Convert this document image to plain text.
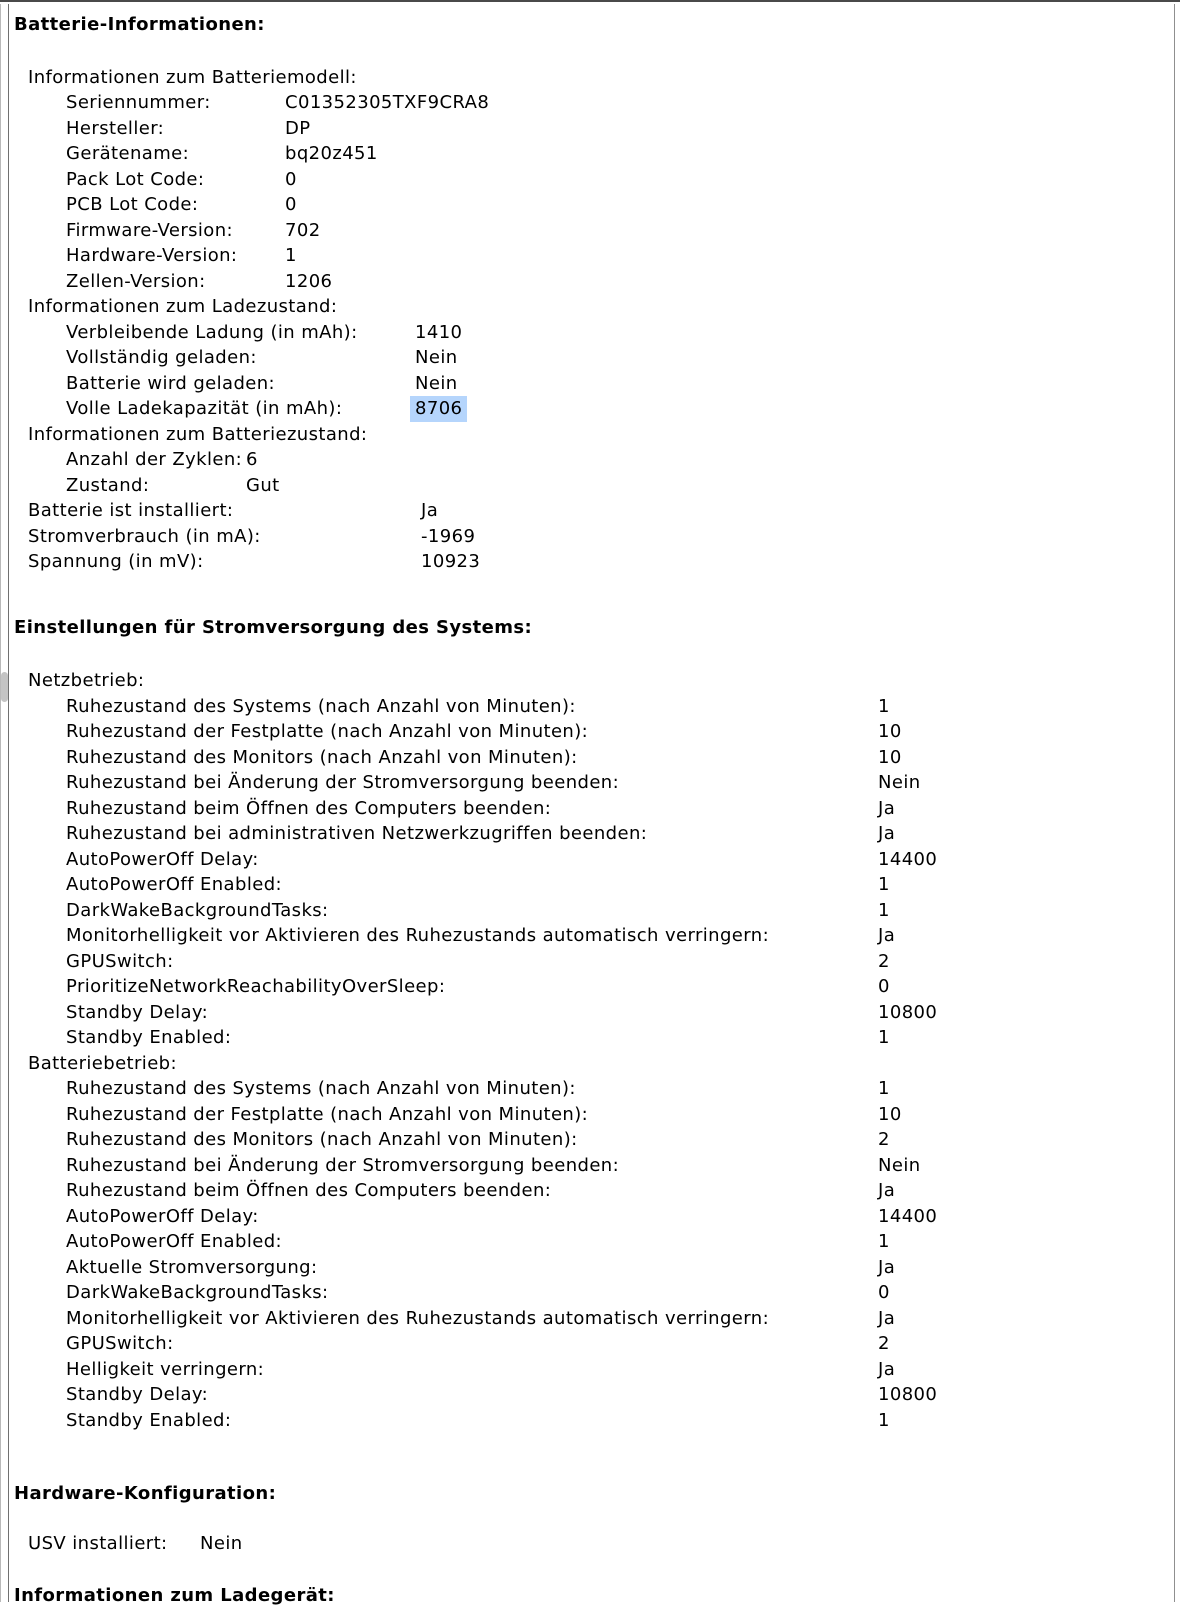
Batterie-Informationen:
Informationen zum Batteriemodell:
Seriennummer:	C01352305TXF9CRA8
Hersteller:	DP
Gerätename:	bq20z451
Pack Lot Code:	0
PCB Lot Code:	0
Firmware-Version:	702
Hardware-Version:	1
Zellen-Version:	1206
Informationen zum Ladezustand:
Verbleibende Ladung (in mAh):	1410
Vollständig geladen:	Nein
Batterie wird geladen:	Nein
Volle Ladekapazität (in mAh):	8706
Informationen zum Batteriezustand:
Anzahl der Zyklen: 6
Zustand:	Gut
Batterie ist installiert:	Ja
Stromverbrauch (in mA):	-1969
Spannung (in mV):	10923
Einstellungen für Stromversorgung des Systems:
Netzbetrieb:
Ruhezustand des Systems (nach Anzahl von Minuten):	1
Ruhezustand der Festplatte (nach Anzahl von Minuten):	10
Ruhezustand des Monitors (nach Anzahl von Minuten):	10
Ruhezustand bei Änderung der Stromversorgung beenden:	Nein
Ruhezustand beim Öffnen des Computers beenden:	Ja
Ruhezustand bei administrativen Netzwerkzugriffen beenden:	Ja
AutoPowerOff Delay:	14400
AutoPowerOff Enabled:	1
DarkWakeBackgroundTasks:	1
Monitorhelligkeit vor Aktivieren des Ruhezustands automatisch verringern:	Ja
GPUSwitch:	2
PrioritizeNetworkReachabilityOverSleep:	0
Standby Delay:	10800
Standby Enabled:	1
Batteriebetrieb:
Ruhezustand des Systems (nach Anzahl von Minuten):	1
Ruhezustand der Festplatte (nach Anzahl von Minuten):	10
Ruhezustand des Monitors (nach Anzahl von Minuten):	2
Ruhezustand bei Änderung der Stromversorgung beenden:	Nein
Ruhezustand beim Öffnen des Computers beenden:	Ja
AutoPowerOff Delay:	14400
AutoPowerOff Enabled:	1
Aktuelle Stromversorgung:	Ja
DarkWakeBackgroundTasks:	0
Monitorhelligkeit vor Aktivieren des Ruhezustands automatisch verringern:	Ja
GPUSwitch:	2
Helligkeit verringern:	Ja
Standby Delay:	10800
Standby Enabled:	1
Hardware-Konfiguration:
USV installiert: Nein
Informationen zum Ladegerät:
